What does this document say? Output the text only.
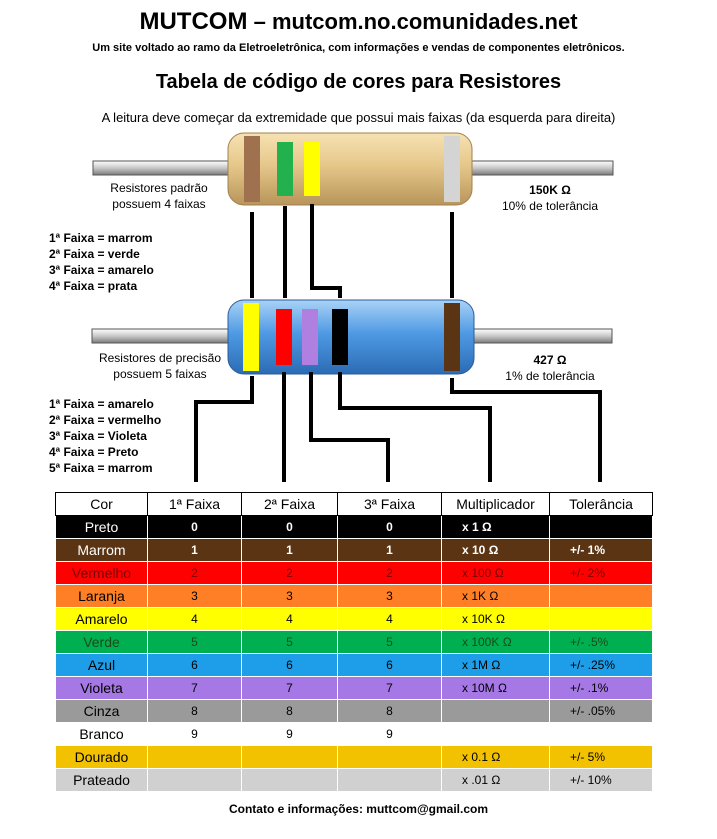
MUTCOM – mutcom.no.comunidades.net
Um site voltado ao ramo da Eletroeletrônica, com informações e vendas de componentes eletrônicos.
Tabela de código de cores para Resistores
A leitura deve começar da extremidade que possui mais faixas (da esquerda para direita)
Resistores padrão
possuem 4 faixas
150K Ω
10% de tolerância
1ª Faixa = marrom
2ª Faixa = verde
3ª Faixa = amarelo
4ª Faixa = prata
Resistores de precisão
possuem 5 faixas
427 Ω
1% de tolerância
1ª Faixa = amarelo
2ª Faixa = vermelho
3ª Faixa = Violeta
4ª Faixa = Preto
5ª Faixa = marrom
Cor	1ª Faixa	2ª Faixa	3ª Faixa	Multiplicador	Tolerância
Preto	0	0	0	x 1 Ω	
Marrom	1	1	1	x 10 Ω	+/- 1%
Vermelho	2	2	2	x 100 Ω	+/- 2%
Laranja	3	3	3	x 1K Ω	
Amarelo	4	4	4	x 10K Ω	
Verde	5	5	5	x 100K Ω	+/- .5%
Azul	6	6	6	x 1M Ω	+/- .25%
Violeta	7	7	7	x 10M Ω	+/- .1%
Cinza	8	8	8		+/- .05%
Branco	9	9	9		
Dourado				x 0.1 Ω	+/- 5%
Prateado				x .01 Ω	+/- 10%
Contato e informações: muttcom@gmail.com
